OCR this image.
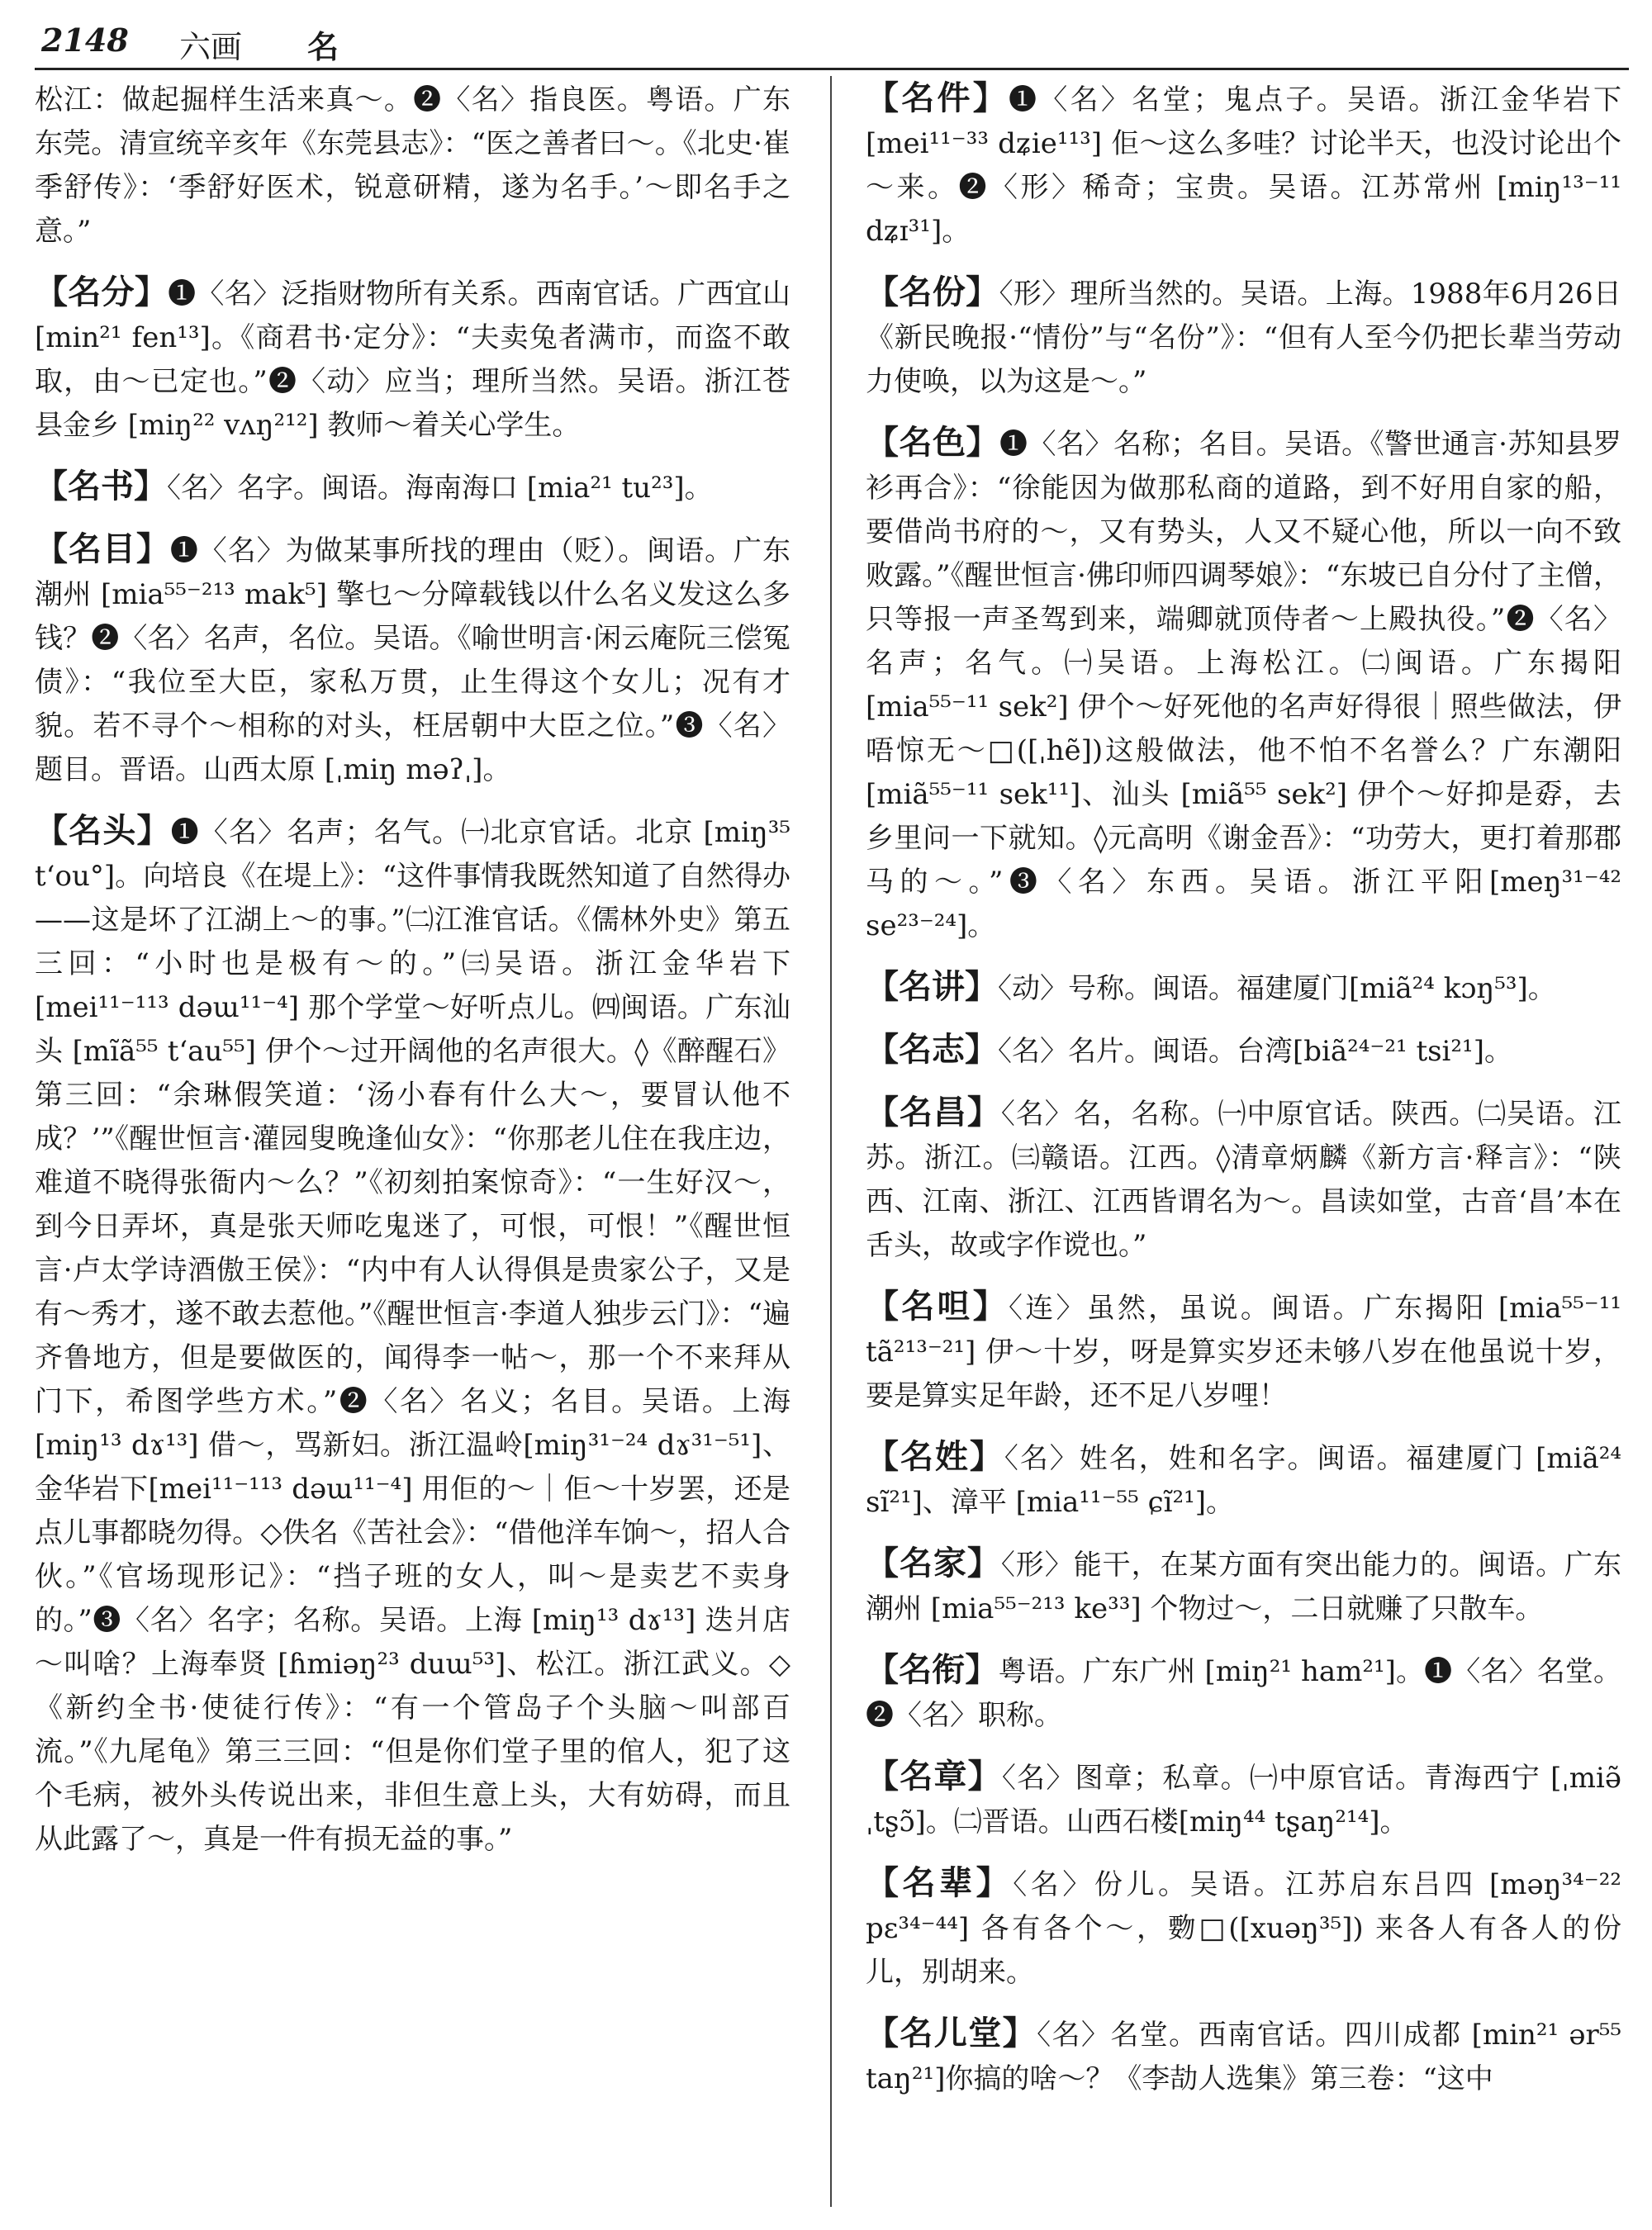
2148 六画 名

松江：做起掘样生活来真～。❷〈名〉指良医。粤语。广东东莞。清宣统辛亥年《东莞县志》：“医之善者曰～。《北史·崔季舒传》：‘季舒好医术，锐意研精，遂为名手。’～即名手之意。”

【名分】❶〈名〉泛指财物所有关系。西南官话。广西宜山[min²¹ fen¹³]。《商君书·定分》：“夫卖兔者满市，而盗不敢取，由～已定也。”❷〈动〉应当；理所当然。吴语。浙江苍县金乡 [miŋ²² vʌŋ²¹²] 教师～着关心学生。

【名书】〈名〉名字。闽语。海南海口 [mia²¹ tu²³]。

【名目】❶〈名〉为做某事所找的理由（贬）。闽语。广东潮州 [mia⁵⁵⁻²¹³ mak⁵] 擎乜～分障载钱以什么名义发这么多钱？❷〈名〉名声，名位。吴语。《喻世明言·闲云庵阮三偿冤债》：“我位至大臣，家私万贯，止生得这个女儿；况有才貌。若不寻个～相称的对头，枉居朝中大臣之位。”❸〈名〉题目。晋语。山西太原 [ˌmiŋ məʔˌ]。

【名头】❶〈名〉名声；名气。㈠北京官话。北京 [miŋ³⁵ tʻou°]。向培良《在堤上》：“这件事情我既然知道了自然得办——这是坏了江湖上～的事。”㈡江淮官话。《儒林外史》第五三回：“小时也是极有～的。”㈢吴语。浙江金华岩下 [mei¹¹⁻¹¹³ dəɯ¹¹⁻⁴] 那个学堂～好听点儿。㈣闽语。广东汕头 [mĩã⁵⁵ tʻau⁵⁵] 伊个～过开阔他的名声很大。◊《醉醒石》第三回：“余琳假笑道：‘汤小春有什么大～，要冒认他不成？’”《醒世恒言·灌园叟晚逢仙女》：“你那老儿住在我庄边，难道不晓得张衙内～么？”《初刻拍案惊奇》：“一生好汉～，到今日弄坏，真是张天师吃鬼迷了，可恨，可恨！”《醒世恒言·卢太学诗酒傲王侯》：“内中有人认得俱是贵家公子，又是有～秀才，遂不敢去惹他。”《醒世恒言·李道人独步云门》：“遍齐鲁地方，但是要做医的，闻得李一帖～，那一个不来拜从门下，希图学些方术。”❷〈名〉名义；名目。吴语。上海 [miŋ¹³ dɤ¹³] 借～，骂新妇。浙江温岭[miŋ³¹⁻²⁴ dɤ³¹⁻⁵¹]、金华岩下[mei¹¹⁻¹¹³ dəɯ¹¹⁻⁴] 用佢的～｜佢～十岁罢，还是点儿事都晓勿得。◇佚名《苦社会》：“借他洋车饷～，招人合伙。”《官场现形记》：“挡子班的女人，叫～是卖艺不卖身的。”❸〈名〉名字；名称。吴语。上海 [miŋ¹³ dɤ¹³] 迭爿店～叫啥？上海奉贤 [ɦmiəŋ²³ duɯ⁵³]、松江。浙江武义。◇《新约全书·使徒行传》：“有一个管岛子个头脑～叫部百流。”《九尾龟》第三三回：“但是你们堂子里的倌人，犯了这个毛病，被外头传说出来，非但生意上头，大有妨碍，而且从此露了～，真是一件有损无益的事。”

【名件】❶〈名〉名堂；鬼点子。吴语。浙江金华岩下 [mei¹¹⁻³³ dʑie¹¹³] 佢～这么多哇？讨论半天，也没讨论出个～来。❷〈形〉稀奇；宝贵。吴语。江苏常州 [miŋ¹³⁻¹¹ dʑɪ³¹]。

【名份】〈形〉理所当然的。吴语。上海。1988年6月26日《新民晚报·“情份”与“名份”》：“但有人至今仍把长辈当劳动力使唤，以为这是～。”

【名色】❶〈名〉名称；名目。吴语。《警世通言·苏知县罗衫再合》：“徐能因为做那私商的道路，到不好用自家的船，要借尚书府的～，又有势头，人又不疑心他，所以一向不致败露。”《醒世恒言·佛印师四调琴娘》：“东坡已自分付了主僧，只等报一声圣驾到来，端卿就顶侍者～上殿执役。”❷〈名〉名声；名气。㈠吴语。上海松江。㈡闽语。广东揭阳 [mia⁵⁵⁻¹¹ sek²] 伊个～好死他的名声好得很｜照些做法，伊唔惊无～□([ˌhẽ])这般做法，他不怕不名誉么？广东潮阳[miã⁵⁵⁻¹¹ sek¹¹]、汕头 [miã⁵⁵ sek²] 伊个～好抑是孬，去乡里问一下就知。◊元高明《谢金吾》：“功劳大，更打着那郡马的～。”❸〈名〉东西。吴语。浙江平阳[meŋ³¹⁻⁴² se²³⁻²⁴]。

【名讲】〈动〉号称。闽语。福建厦门[miã²⁴ kɔŋ⁵³]。

【名志】〈名〉名片。闽语。台湾[biã²⁴⁻²¹ tsi²¹]。

【名昌】〈名〉名，名称。㈠中原官话。陕西。㈡吴语。江苏。浙江。㈢赣语。江西。◊清章炳麟《新方言·释言》：“陕西、江南、浙江、江西皆谓名为～。昌读如堂，古音‘昌’本在舌头，故或字作谠也。”

【名呾】〈连〉虽然，虽说。闽语。广东揭阳 [mia⁵⁵⁻¹¹ tã²¹³⁻²¹] 伊～十岁，呀是算实岁还未够八岁在他虽说十岁，要是算实足年龄，还不足八岁哩！

【名姓】〈名〉姓名，姓和名字。闽语。福建厦门 [miã²⁴ sĩ²¹]、漳平 [mia¹¹⁻⁵⁵ ɕĩ²¹]。

【名家】〈形〉能干，在某方面有突出能力的。闽语。广东潮州 [mia⁵⁵⁻²¹³ ke³³] 个物过～，二日就赚了只散车。

【名衔】粤语。广东广州 [miŋ²¹ ham²¹]。❶〈名〉名堂。❷〈名〉职称。

【名章】〈名〉图章；私章。㈠中原官话。青海西宁 [ˌmiə̃ ˌtʂɔ̃]。㈡晋语。山西石楼[miŋ⁴⁴ tʂaŋ²¹⁴]。

【名辈】〈名〉份儿。吴语。江苏启东吕四 [məŋ³⁴⁻²² pɛ³⁴⁻⁴⁴] 各有各个～，覅□([xuəŋ³⁵]) 来各人有各人的份儿，别胡来。

【名儿堂】〈名〉名堂。西南官话。四川成都 [min²¹ ər⁵⁵ taŋ²¹]你搞的啥～？《李劼人选集》第三卷：“这中
